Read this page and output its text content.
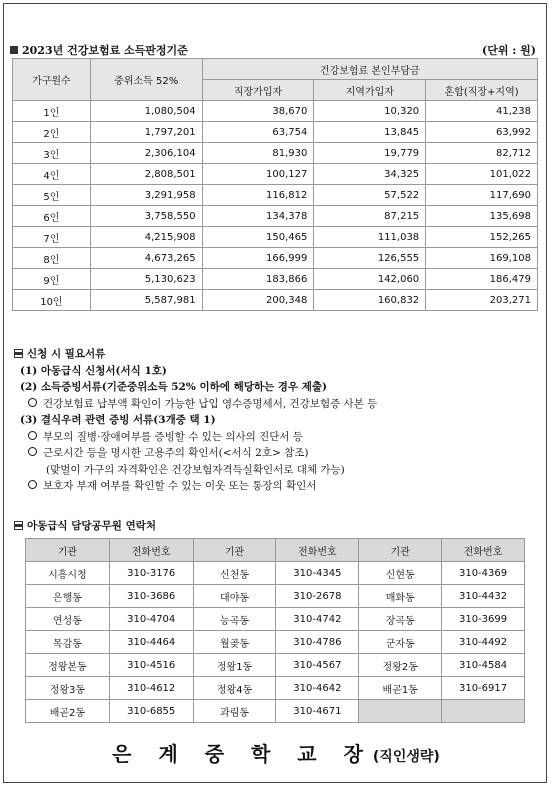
2023년 건강보험료 소득판정기준	(단위 : 원)
가구원수	중위소득 52%	건강보험료 본인부담금		
		직장가입자	지역가입자	혼합(직장+지역)
1인	1,080,504	38,670	10,320	41,238
2인	1,797,201	63,754	13,845	63,992
3인	2,306,104	81,930	19,779	82,712
4인	2,808,501	100,127	34,325	101,022
5인	3,291,958	116,812	57,522	117,690
6인	3,758,550	134,378	87,215	135,698
7인	4,215,908	150,465	111,038	152,265
8인	4,673,265	166,999	126,555	169,108
9인	5,130,623	183,866	142,060	186,479
10인	5,587,981	200,348	160,832	203,271
신청 시 필요서류
(1) 아동급식 신청서(서식 1호)
(2) 소득증빙서류(기준중위소득 52% 이하에 해당하는 경우 제출)
건강보험료 납부액 확인이 가능한 납입 영수증명세서, 건강보험증 사본 등
(3) 결식우려 관련 증빙 서류(3개중 택 1)
부모의 질병·장애여부를 증빙할 수 있는 의사의 진단서 등
근로시간 등을 명시한 고용주의 확인서(<서식 2호> 참조)
(맞벌이 가구의 자격확인은 건강보험자격득실확인서로 대체 가능)
보호자 부재 여부를 확인할 수 있는 이웃 또는 통장의 확인서
아동급식 담당공무원 연락처
기관	전화번호	기관	전화번호	기관	전화번호
시흥시청	310-3176	신천동	310-4345	신현동	310-4369
은행동	310-3686	대야동	310-2678	매화동	310-4432
연성동	310-4704	능곡동	310-4742	장곡동	310-3699
목감동	310-4464	월곶동	310-4786	군자동	310-4492
정왕본동	310-4516	정왕1동	310-4567	정왕2동	310-4584
정왕3동	310-4612	정왕4동	310-4642	배곧1동	310-6917
배곧2동	310-6855	과림동	310-4671		
은 계 중 학 교 장(직인생략)
